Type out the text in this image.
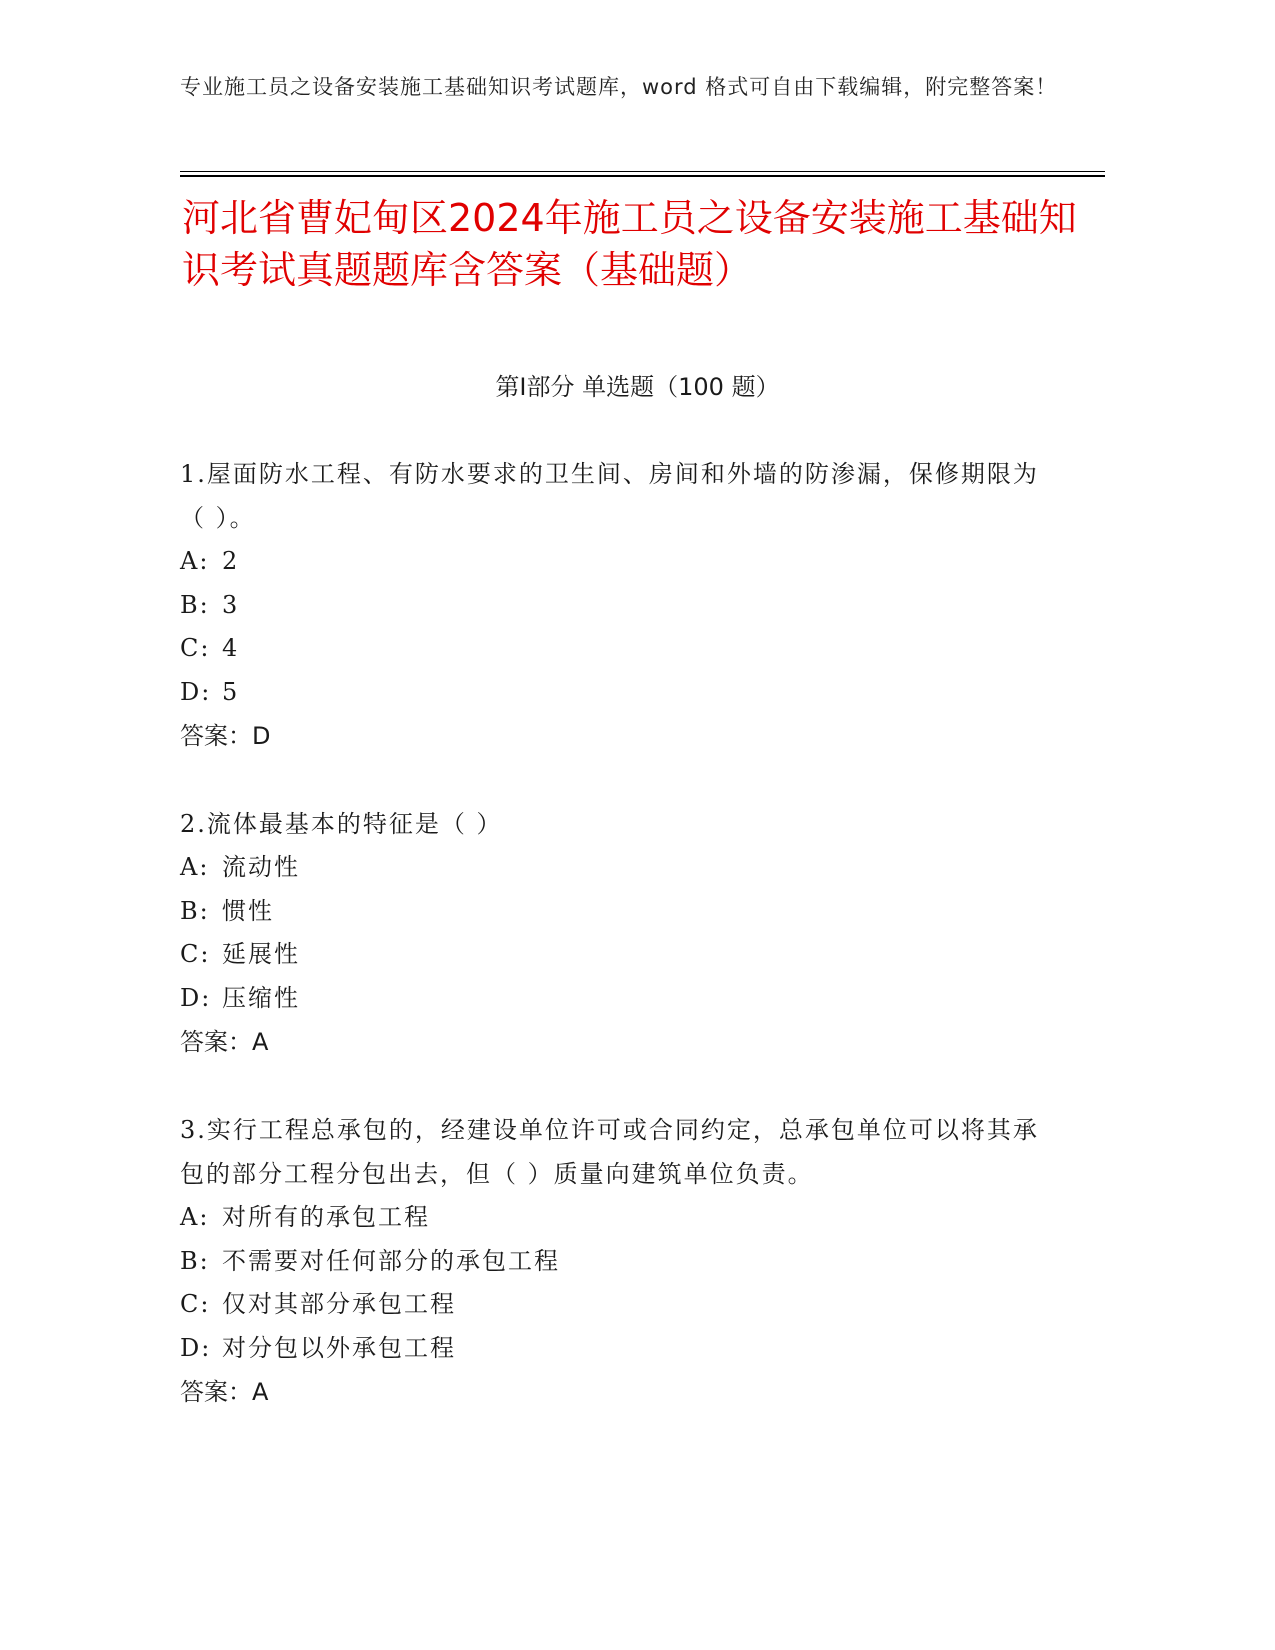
专业施工员之设备安装施工基础知识考试题库，word 格式可自由下载编辑，附完整答案！
河北省曹妃甸区2024年施工员之设备安装施工基础知识考试真题题库含答案（基础题）
第Ⅰ部分 单选题（100 题）

1.屋面防水工程、有防水要求的卫生间、房间和外墙的防渗漏，保修期限为（ ）。

A: 2

B: 3

C: 4

D: 5

答案：D

2.流体最基本的特征是（ ）

A: 流动性

B: 惯性

C: 延展性

D: 压缩性

答案：A

3.实行工程总承包的，经建设单位许可或合同约定，总承包单位可以将其承包的部分工程分包出去，但（ ）质量向建筑单位负责。

A: 对所有的承包工程

B: 不需要对任何部分的承包工程

C: 仅对其部分承包工程

D: 对分包以外承包工程

答案：A
